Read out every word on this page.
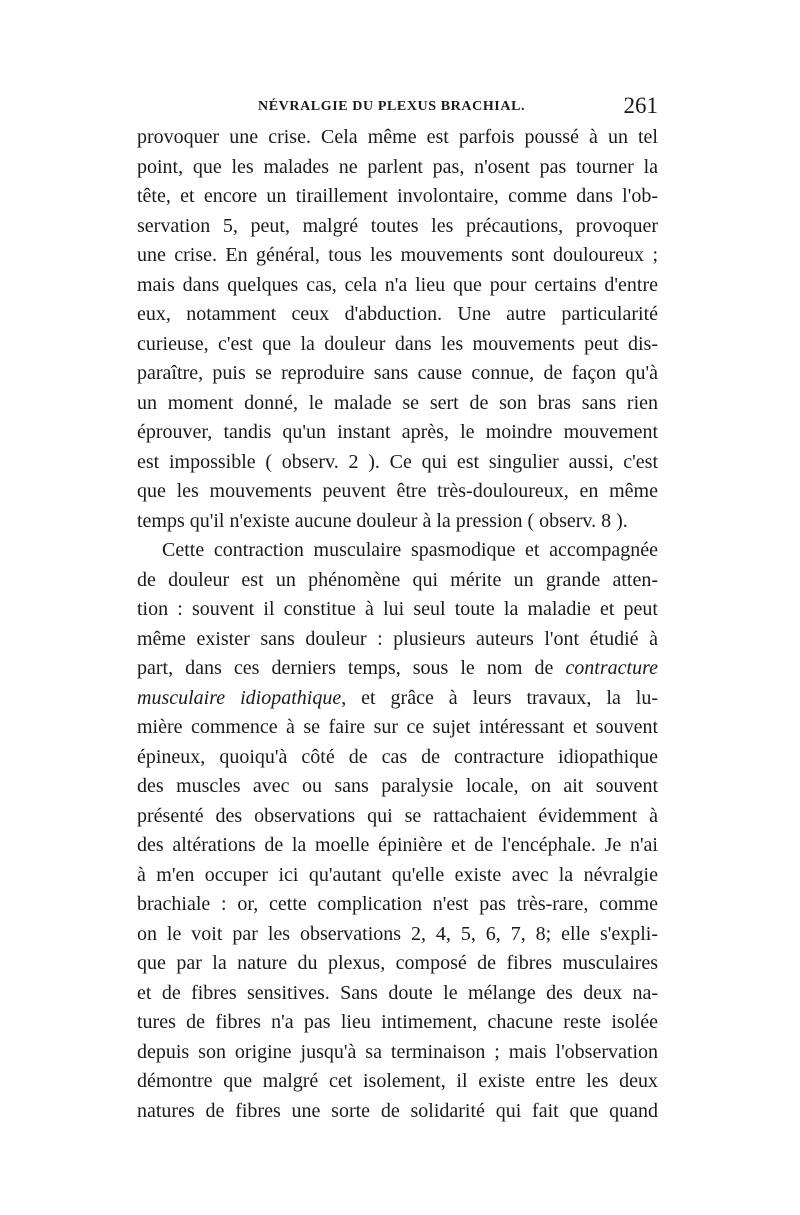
NÉVRALGIE DU PLEXUS BRACHIAL.	261
provoquer une crise. Cela même est parfois poussé à un tel
point, que les malades ne parlent pas, n'osent pas tourner la
tête, et encore un tiraillement involontaire, comme dans l'ob-
servation 5, peut, malgré toutes les précautions, provoquer
une crise. En général, tous les mouvements sont douloureux ;
mais dans quelques cas, cela n'a lieu que pour certains d'entre
eux, notamment ceux d'abduction. Une autre particularité
curieuse, c'est que la douleur dans les mouvements peut dis-
paraître, puis se reproduire sans cause connue, de façon qu'à
un moment donné, le malade se sert de son bras sans rien
éprouver, tandis qu'un instant après, le moindre mouvement
est impossible ( observ. 2 ). Ce qui est singulier aussi, c'est
que les mouvements peuvent être très-douloureux, en même
temps qu'il n'existe aucune douleur à la pression ( observ. 8 ).
Cette contraction musculaire spasmodique et accompagnée
de douleur est un phénomène qui mérite un grande atten-
tion : souvent il constitue à lui seul toute la maladie et peut
même exister sans douleur : plusieurs auteurs l'ont étudié à
part, dans ces derniers temps, sous le nom de contracture
musculaire idiopathique, et grâce à leurs travaux, la lu-
mière commence à se faire sur ce sujet intéressant et souvent
épineux, quoiqu'à côté de cas de contracture idiopathique
des muscles avec ou sans paralysie locale, on ait souvent
présenté des observations qui se rattachaient évidemment à
des altérations de la moelle épinière et de l'encéphale. Je n'ai
à m'en occuper ici qu'autant qu'elle existe avec la névralgie
brachiale : or, cette complication n'est pas très-rare, comme
on le voit par les observations 2, 4, 5, 6, 7, 8; elle s'expli-
que par la nature du plexus, composé de fibres musculaires
et de fibres sensitives. Sans doute le mélange des deux na-
tures de fibres n'a pas lieu intimement, chacune reste isolée
depuis son origine jusqu'à sa terminaison ; mais l'observation
démontre que malgré cet isolement, il existe entre les deux
natures de fibres une sorte de solidarité qui fait que quand
